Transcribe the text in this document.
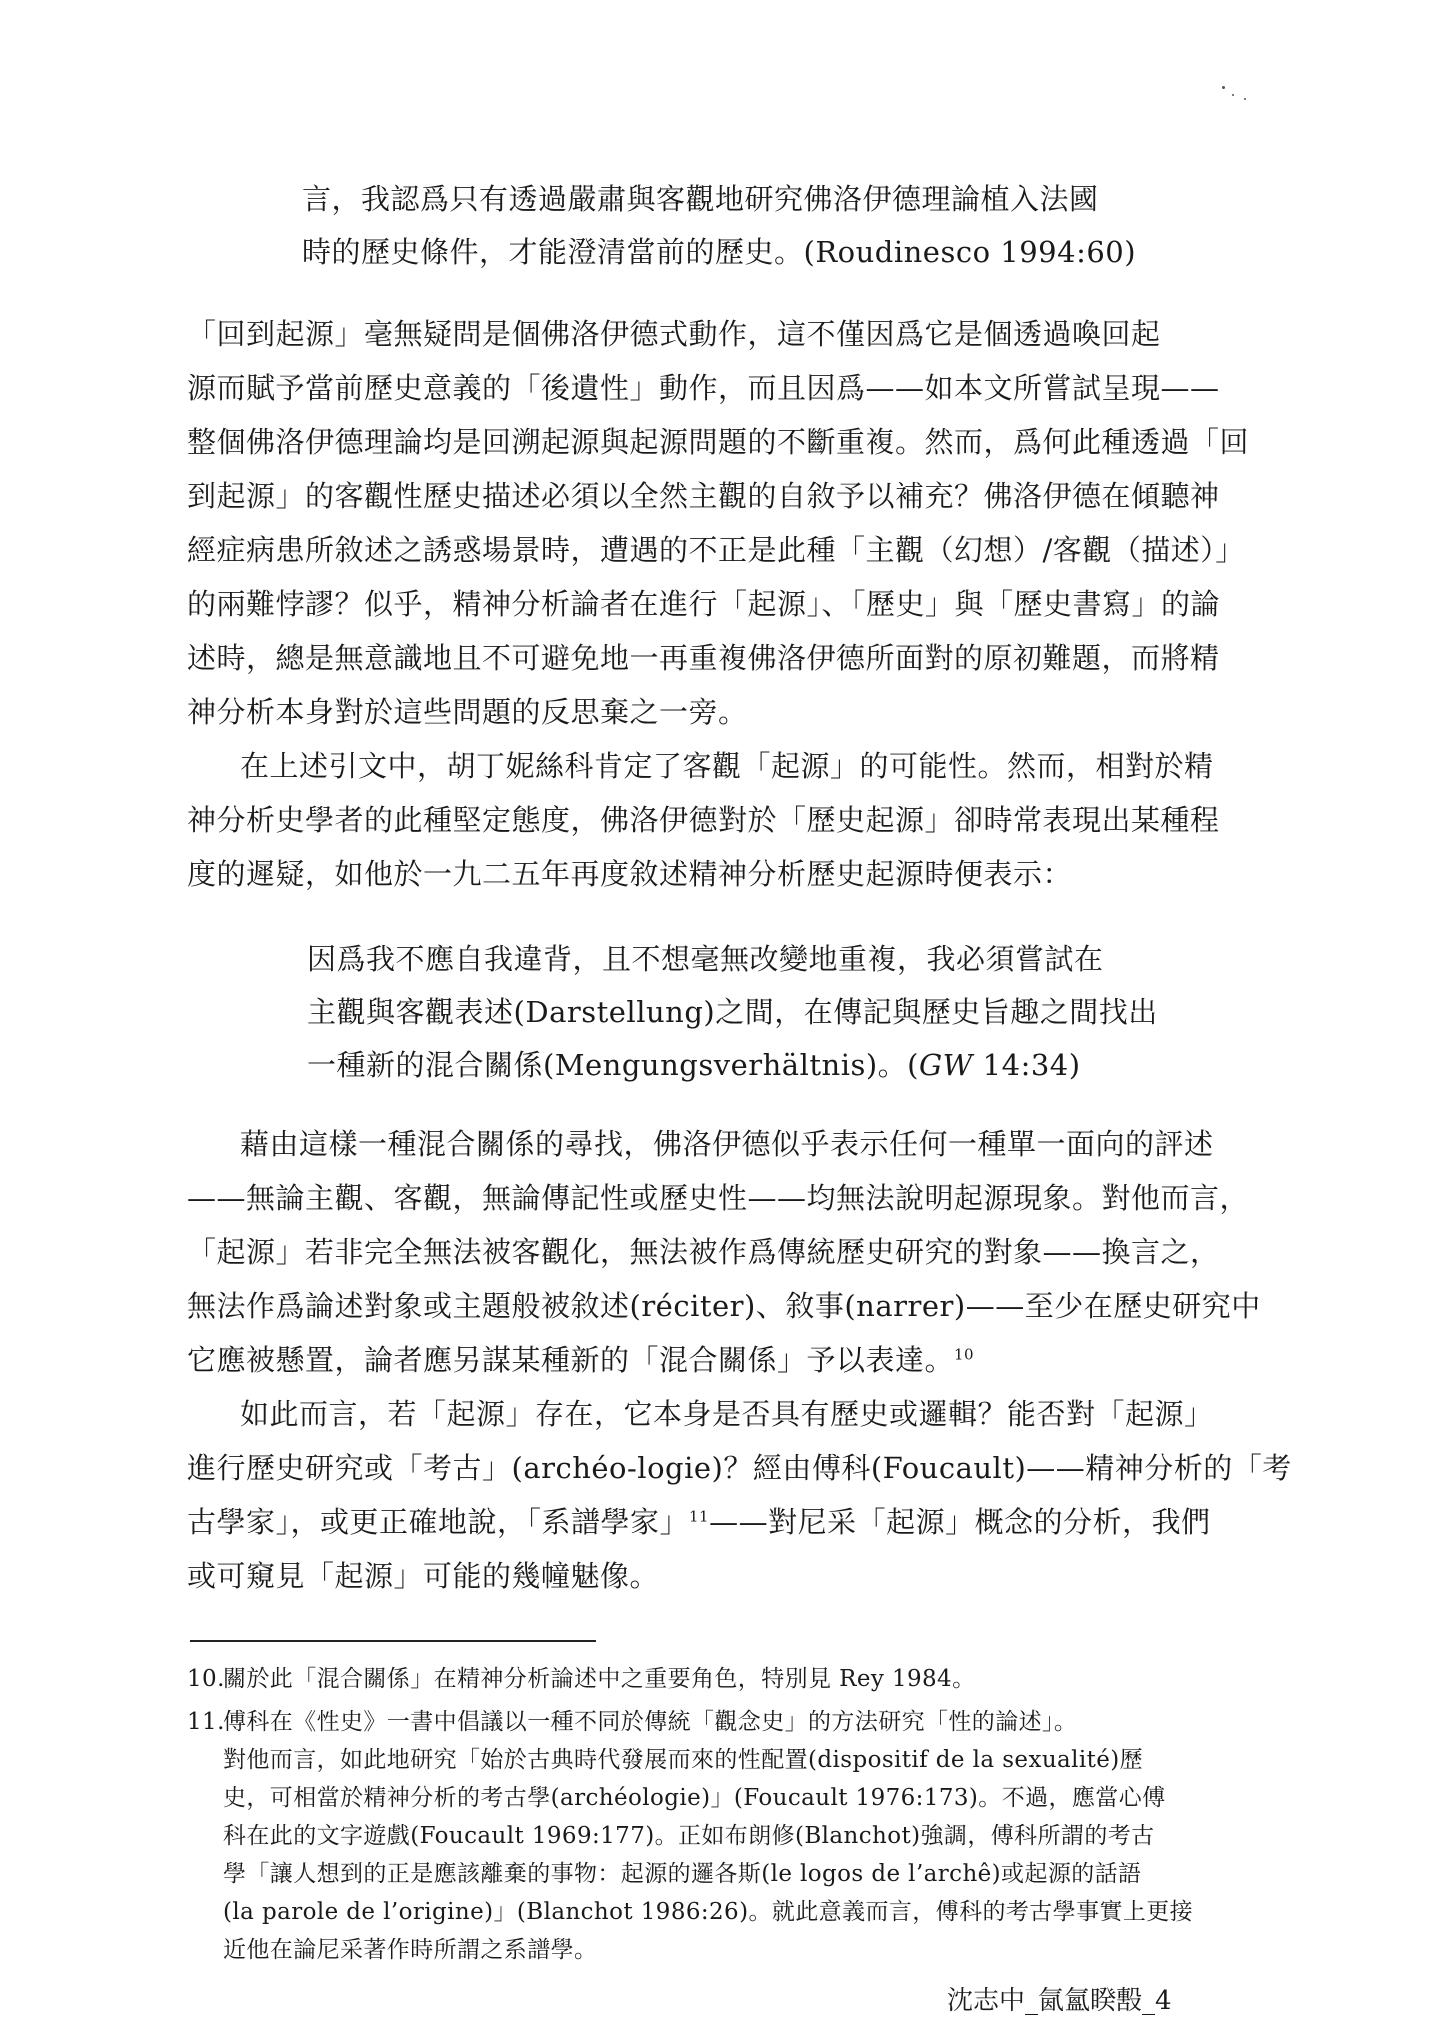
言，我認爲只有透過嚴肅與客觀地研究佛洛伊德理論植入法國
時的歷史條件，才能澄清當前的歷史。(Roudinesco 1994:60)
「回到起源」毫無疑問是個佛洛伊德式動作，這不僅因爲它是個透過喚回起
源而賦予當前歷史意義的「後遺性」動作，而且因爲——如本文所嘗試呈現——
整個佛洛伊德理論均是回溯起源與起源問題的不斷重複。然而，爲何此種透過「回
到起源」的客觀性歷史描述必須以全然主觀的自敘予以補充？佛洛伊德在傾聽神
經症病患所敘述之誘惑場景時，遭遇的不正是此種「主觀（幻想）/客觀（描述）」
的兩難悖謬？似乎，精神分析論者在進行「起源」、「歷史」與「歷史書寫」的論
述時，總是無意識地且不可避免地一再重複佛洛伊德所面對的原初難題，而將精
神分析本身對於這些問題的反思棄之一旁。
在上述引文中，胡丁妮絲科肯定了客觀「起源」的可能性。然而，相對於精
神分析史學者的此種堅定態度，佛洛伊德對於「歷史起源」卻時常表現出某種程
度的遲疑，如他於一九二五年再度敘述精神分析歷史起源時便表示：
因爲我不應自我違背，且不想毫無改變地重複，我必須嘗試在
主觀與客觀表述(Darstellung)之間，在傳記與歷史旨趣之間找出
一種新的混合關係(Mengungsverhältnis)。(GW 14:34)
藉由這樣一種混合關係的尋找，佛洛伊德似乎表示任何一種單一面向的評述
——無論主觀、客觀，無論傳記性或歷史性——均無法說明起源現象。對他而言，
「起源」若非完全無法被客觀化，無法被作爲傳統歷史研究的對象——換言之，
無法作爲論述對象或主題般被敘述(réciter)、敘事(narrer)——至少在歷史研究中
它應被懸置，論者應另謀某種新的「混合關係」予以表達。$^{10}$
如此而言，若「起源」存在，它本身是否具有歷史或邏輯？能否對「起源」
進行歷史研究或「考古」(archéo-logie)？經由傅科(Foucault)——精神分析的「考
古學家」，或更正確地說，「系譜學家」$^{11}$——對尼采「起源」概念的分析，我們
或可窺見「起源」可能的幾幢魅像。
10.
關於此「混合關係」在精神分析論述中之重要角色，特別見 Rey 1984。
11.
傅科在《性史》一書中倡議以一種不同於傳統「觀念史」的方法研究「性的論述」。
對他而言，如此地研究「始於古典時代發展而來的性配置(dispositif de la sexualité)歷
史，可相當於精神分析的考古學(archéologie)」(Foucault 1976:173)。不過，應當心傅
科在此的文字遊戲(Foucault 1969:177)。正如布朗修(Blanchot)強調，傅科所謂的考古
學「讓人想到的正是應該離棄的事物：起源的邏各斯(le logos de l’archê)或起源的話語
(la parole de l’origine)」(Blanchot 1986:26)。就此意義而言，傅科的考古學事實上更接
近他在論尼采著作時所謂之系譜學。
沈志中_氤氳睽毄_4
